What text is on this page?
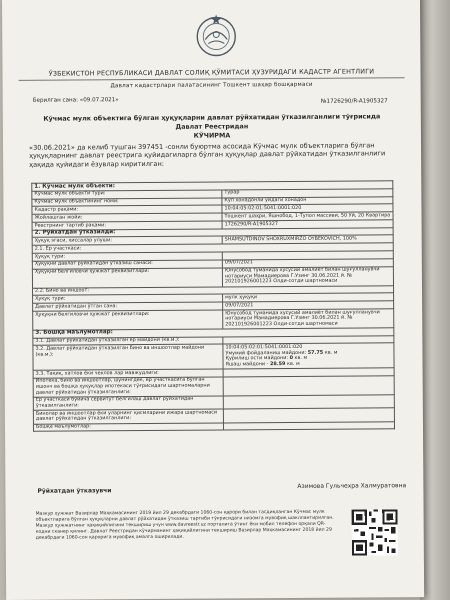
ЎЗБЕКИСТОН РЕСПУБЛИКАСИ ДАВЛАТ СОЛИҚ ҚЎМИТАСИ ҲУЗУРИДАГИ КАДАСТР АГЕНТЛИГИ
Давлат кадастрлари палатасининг Тошкент шаҳар бошқармаси
Берилган сана: «09.07.2021»	№1726290/R-A1905327
Кўчмас мулк объектига бўлган ҳуқуқларни давлат рўйхатидан ўтказилганлиги тўғрисида
Давлат Реестридан
КЎЧИРМА
«30.06.2021» да келиб тушган 397451 -сонли буюртма асосида Кўчмас мулк объектларига бўлган ҳуқуқларнинг давлат реестрига қуйидагиларга бўлган ҳуқуқлар давлат рўйхатидан ўтказилганлиги ҳақида қуйидаги ёзувлар киритилган:
1. Кўчмас мулк объекти:	
Кўчмас мулк объекти тури:	Турар
Кўчмас мулк объектининг номи:	Кўп хонадонли уйдаги хонадон
Кадастр рақами:	10:04:05:02:01:5041:0001:020
Жойлашган жойи:	Тошкент шаҳри, Яшнобод, 1-Тупол массиви, 50 Уй, 20 Квартира
Реестрнинг тартиб рақами:	1726290/R-A1905327
2. Рўйхатдан ўтказилди:	
Ҳуқуқ эгаси, ҳиссалар улуши:	SHAMSUTDINOV SHOXRUXMIRZO OYBEKOVICH, 100%
2.1. Ер участкаси:	
Ҳуқуқ тури:	
Ҳуқуқни давлат рўйхатидан ўтказиш санаси:	09/07/2021
Ҳуқуқни белгиловчи ҳужжат реквизитлари:	Юнусобод туманида хусусий амалиёт билан шуғулланувчи нотариуси Мамадиерова Г.Узинг 30.06.2021 й. № 202101926001223 Олди-сотди шартномаси
2.2. Бино ва иншоот:	
Ҳуқуқ тури:	мулк ҳуқуқи
Давлат рўйхатидан ўтган сана:	09/07/2021
Ҳуқуқни белгиловчи ҳужжат реквизитлари:	Юнусобод туманида хусусий амалиёт билан шуғулланувчи нотариуси Мамадиерова Г.Узинг 30.06.2021 й. № 202101926001223 Олди-сотди шартномаси
3. Бошқа маълумотлар:	
3.1. Давлат рўйхатидан ўтказилган ер майдони (кв.м.):	
3.2. Давлат рўйхатидан ўтказилган бино ва иншоотлар майдони (кв.м.):	10:04:05:02:01:5041:0001:020
Умумий фойдаланиш майдони: 57.75 кв. м
Қурилиш ости майдони: 0 кв. м
Яшаш майдони - 28.59 кв. м

3.3. Тақиқ, хатлов ёки чеклов лар мавжудлиги:	
Ипотека, бино ва иншоотлар, шунингдек, ер участкасига бўлган ишонч ва бошқа ҳуқуқлар ипотекаси тўғрисидаги шартномаларни давлат рўйхатидан ўтказилганлиги:	
Ер участкаси бўйича сервитут белгилаш давлат рўйхатидан ўтказилганлиги:	
Бинолар ва иншоотлар ёки уларнинг қисмларини ижара шартномаси давлат рўйхатидан ўтказилганлиги:	
Бошқа маълумотлар:	
Рўйхатдан ўтказувчи
Азимова Гульчехра Халмуратовна
Мазкур ҳужжат Вазирлар Маҳкамасининг 2019 йил 29 декабрдаги 1060-сон қарори билан тасдиқланган Кўчмас мулк объектларига бўлган ҳуқуқларни давлат рўйхатидан ўтказиш тартиби тўғрисидаги низомга мувофиқ шакллантирилган. Мазкур ҳужжатнинг ҳақиқийлигини текшириш учун www.davreestr.uz порталига ўтинг ёки мобил телефон орқали QR-кодни сканер қилинг. Давлат Реестридан кўчирманинг ҳақиқийлигини текшириш Вазирлар Маҳкамасининг 2018 йил 29 декабрдаги 1060-сон қарорига мувофиқ амалга оширилади.
